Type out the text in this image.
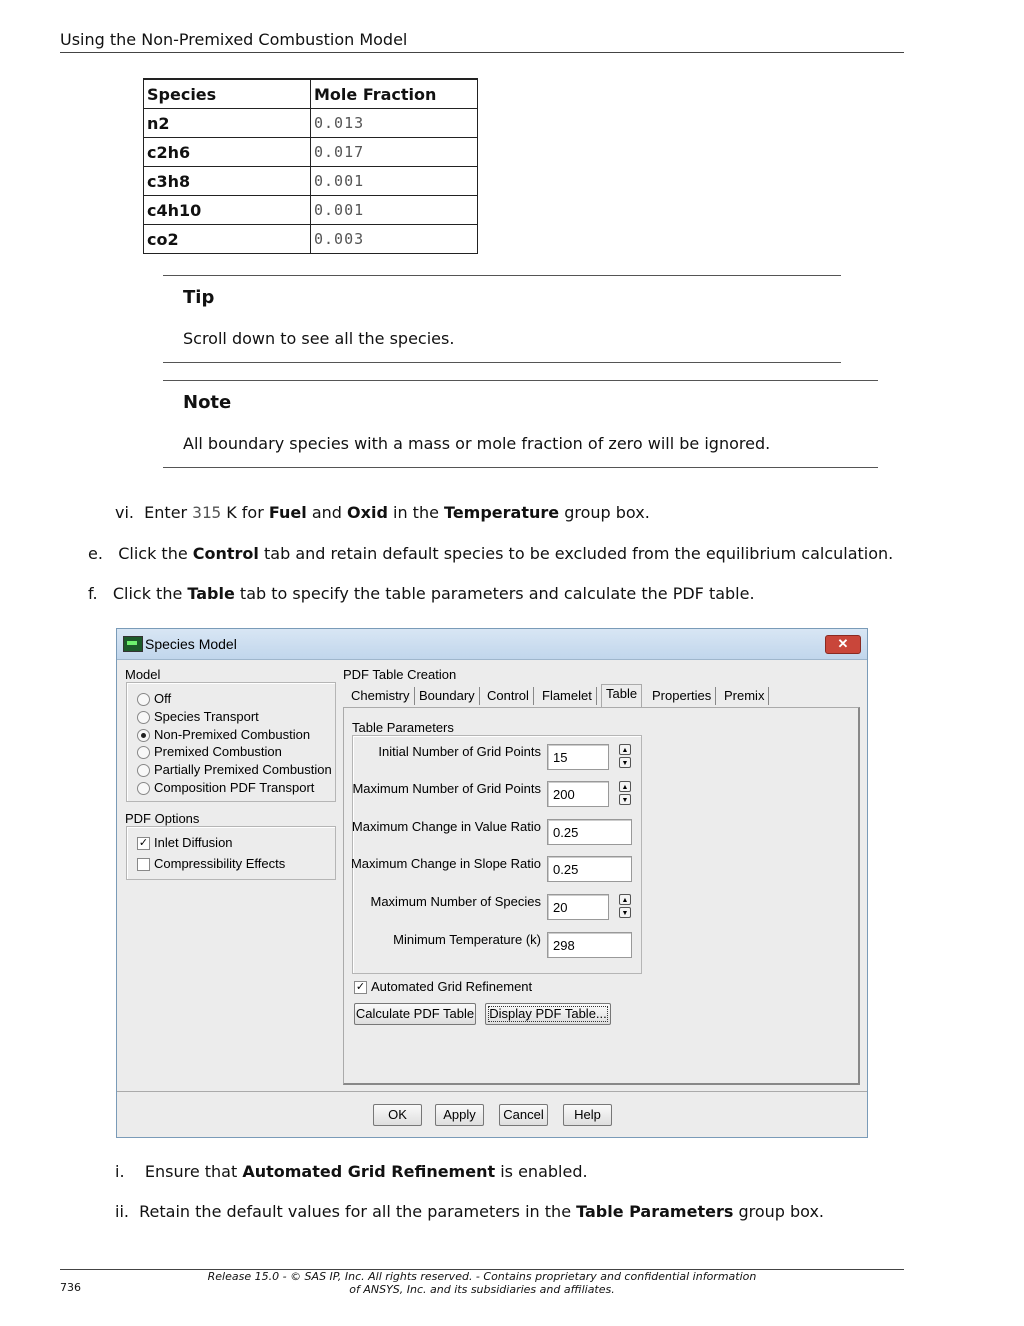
Using the Non-Premixed Combustion Model
Species	Mole Fraction
n2	0.013
c2h6	0.017
c3h8	0.001
c4h10	0.001
co2	0.003
Tip
Scroll down to see all the species.
Note
All boundary species with a mass or mole fraction of zero will be ignored.
vi. Enter 315 K for Fuel and Oxid in the Temperature group box.
e. Click the Control tab and retain default species to be excluded from the equilibrium calculation.
f. Click the Table tab to specify the table parameters and calculate the PDF table.
Species Model	✕
Model
Off
Species Transport
Non-Premixed Combustion
Premixed Combustion
Partially Premixed Combustion
Composition PDF Transport
PDF Options
✓ Inlet Diffusion
Compressibility Effects
PDF Table Creation
Chemistry Boundary Control	Flamelet	Table	Properties Premix
Table Parameters
Initial Number of Grid Points 15	▲
▼
Maximum Number of Grid Points 200	▲
▼
Maximum Change in Value Ratio 0.25
Maximum Change in Slope Ratio 0.25
Maximum Number of Species 20	▲
▼
Minimum Temperature (k) 298
✓ Automated Grid Refinement
Calculate PDF Table	Display PDF Table...
OK	Apply	Cancel	Help
i. Ensure that Automated Grid Refinement is enabled.
ii. Retain the default values for all the parameters in the Table Parameters group box.
736
Release 15.0 - © SAS IP, Inc. All rights reserved. - Contains proprietary and confidential information
of ANSYS, Inc. and its subsidiaries and affiliates.
